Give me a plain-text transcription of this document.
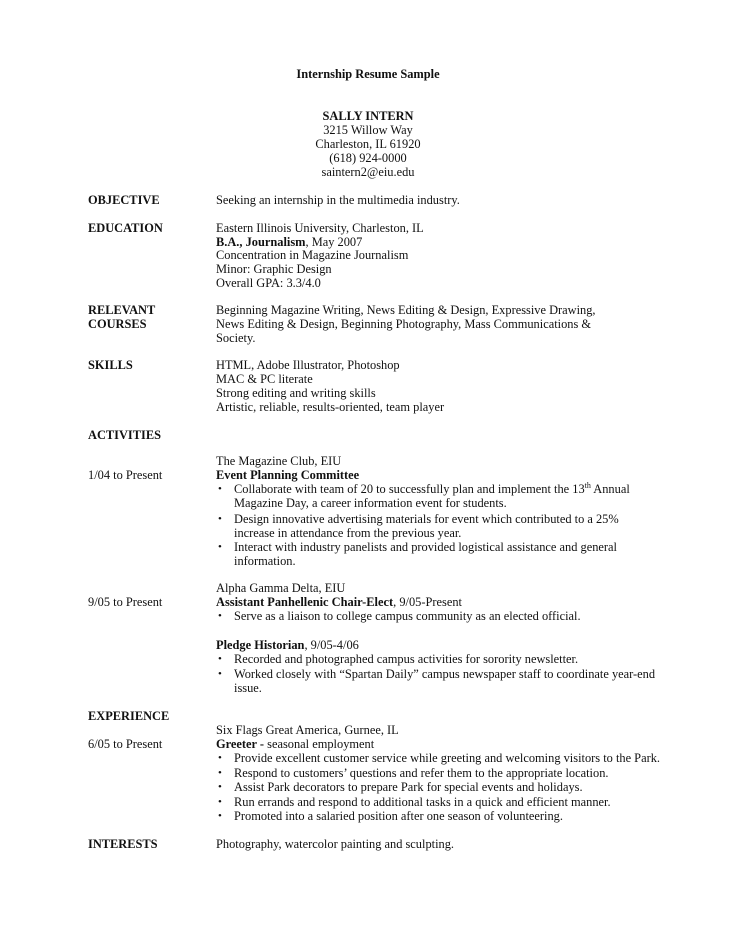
Internship Resume Sample
SALLY INTERN
3215 Willow Way
Charleston, IL 61920
(618) 924-0000
saintern2@eiu.edu
OBJECTIVE	Seeking an internship in the multimedia industry.
EDUCATION	Eastern Illinois University, Charleston, IL
B.A., Journalism, May 2007
Concentration in Magazine Journalism
Minor: Graphic Design
Overall GPA: 3.3/4.0
RELEVANT
COURSES
Beginning Magazine Writing, News Editing & Design, Expressive Drawing,
News Editing & Design, Beginning Photography, Mass Communications &
Society.
SKILLS	HTML, Adobe Illustrator, Photoshop
MAC & PC literate
Strong editing and writing skills
Artistic, reliable, results-oriented, team player
ACTIVITIES
The Magazine Club, EIU
1/04 to Present	Event Planning Committee
• Collaborate with team of 20 to successfully plan and implement the 13th Annual
Magazine Day, a career information event for students.
• Design innovative advertising materials for event which contributed to a 25%
increase in attendance from the previous year.
• Interact with industry panelists and provided logistical assistance and general
information.
Alpha Gamma Delta, EIU
9/05 to Present	Assistant Panhellenic Chair-Elect, 9/05-Present
• Serve as a liaison to college campus community as an elected official.
Pledge Historian, 9/05-4/06
• Recorded and photographed campus activities for sorority newsletter.
• Worked closely with “Spartan Daily” campus newspaper staff to coordinate year-end
issue.
EXPERIENCE
Six Flags Great America, Gurnee, IL
6/05 to Present	Greeter - seasonal employment
• Provide excellent customer service while greeting and welcoming visitors to the Park.
• Respond to customers’ questions and refer them to the appropriate location.
• Assist Park decorators to prepare Park for special events and holidays.
• Run errands and respond to additional tasks in a quick and efficient manner.
• Promoted into a salaried position after one season of volunteering.
INTERESTS	Photography, watercolor painting and sculpting.
